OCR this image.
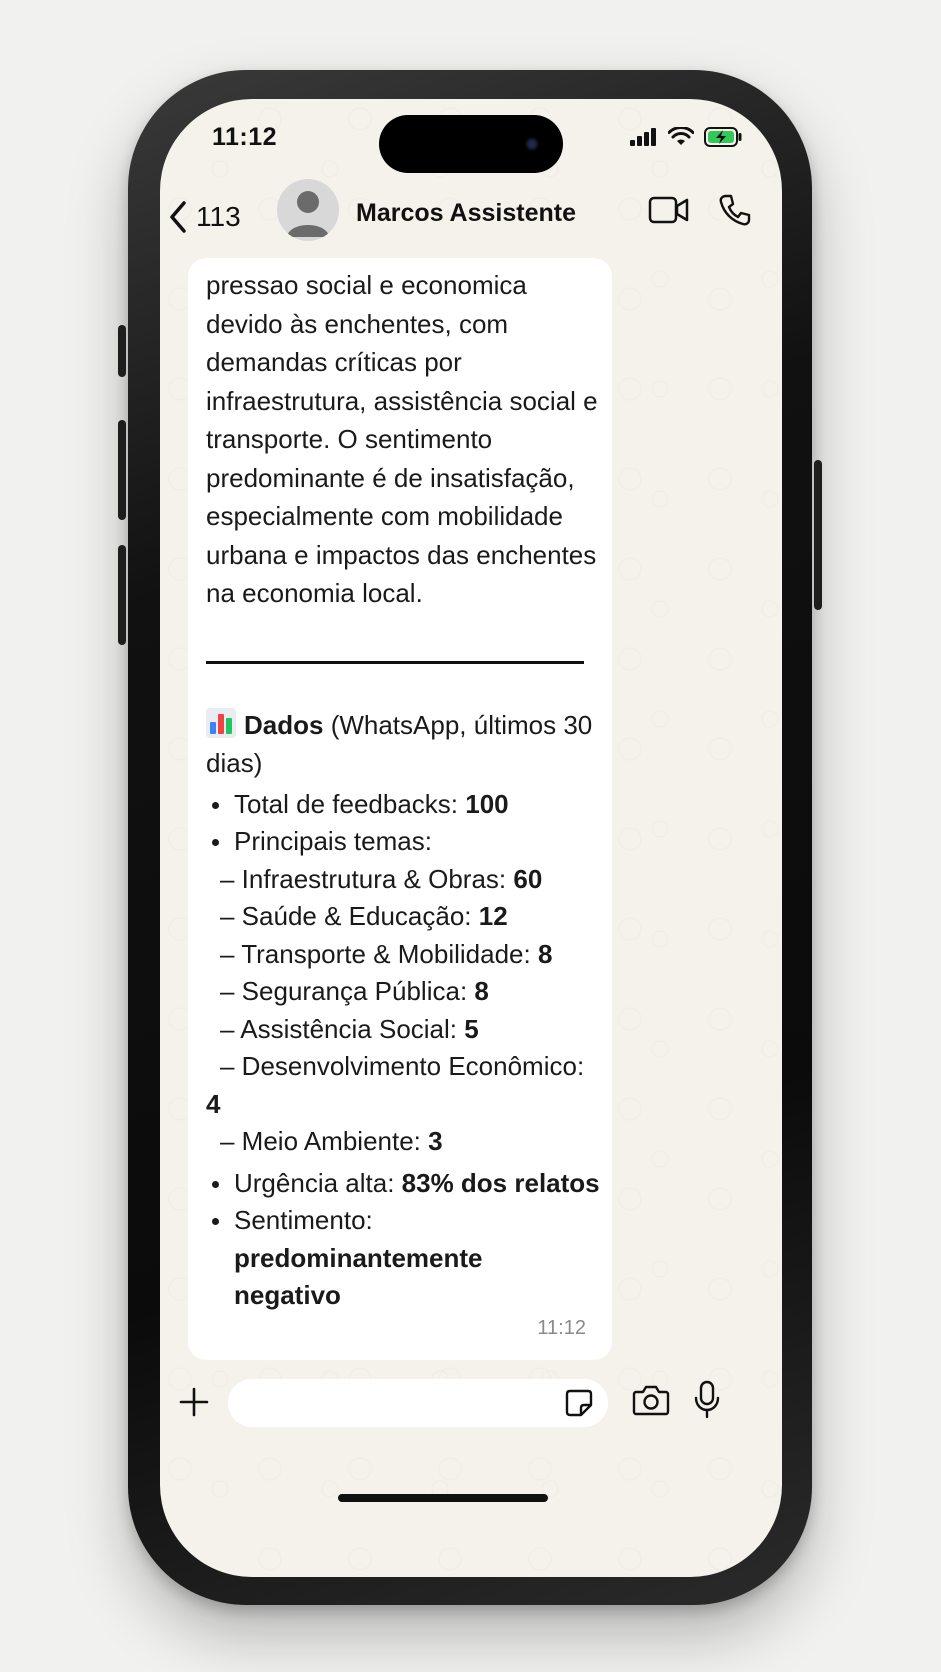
11:12
113	Marcos Assistente

pressao social e economica devido às enchentes, com demandas críticas por infraestrutura, assistência social e transporte. O sentimento predominante é de insatisfação, especialmente com mobilidade urbana e impactos das enchentes na economia local.

Dados (WhatsApp, últimos 30 dias)
Total de feedbacks: 100
Principais temas:
– Infraestrutura & Obras: 60
– Saúde & Educação: 12
– Transporte & Mobilidade: 8
– Segurança Pública: 8
– Assistência Social: 5
– Desenvolvimento Econômico:
4
– Meio Ambiente: 3
Urgência alta: 83% dos relatos
Sentimento:
predominantemente negativo
11:12
